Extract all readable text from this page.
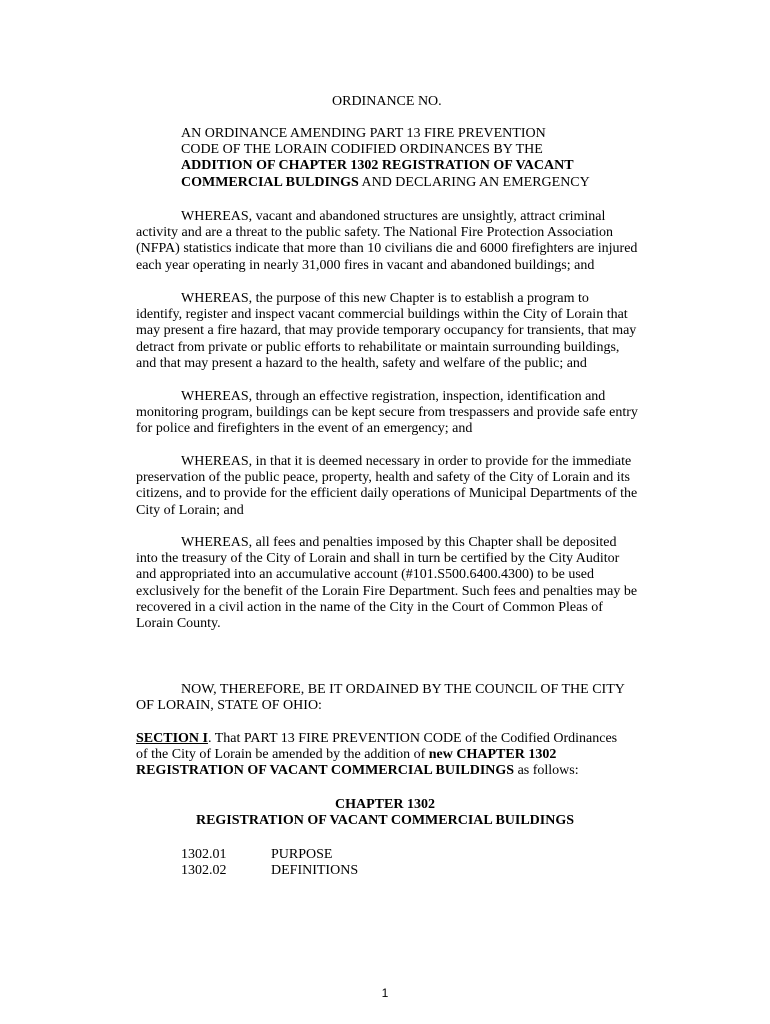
ORDINANCE NO.
AN ORDINANCE AMENDING PART 13 FIRE PREVENTION
CODE OF THE LORAIN CODIFIED ORDINANCES BY THE
ADDITION OF CHAPTER 1302 REGISTRATION OF VACANT
COMMERCIAL BULDINGS AND DECLARING AN EMERGENCY
WHEREAS, vacant and abandoned structures are unsightly, attract criminal
activity and are a threat to the public safety. The National Fire Protection Association
(NFPA) statistics indicate that more than 10 civilians die and 6000 firefighters are injured
each year operating in nearly 31,000 fires in vacant and abandoned buildings; and
WHEREAS, the purpose of this new Chapter is to establish a program to
identify, register and inspect vacant commercial buildings within the City of Lorain that
may present a fire hazard, that may provide temporary occupancy for transients, that may
detract from private or public efforts to rehabilitate or maintain surrounding buildings,
and that may present a hazard to the health, safety and welfare of the public; and
WHEREAS, through an effective registration, inspection, identification and
monitoring program, buildings can be kept secure from trespassers and provide safe entry
for police and firefighters in the event of an emergency; and
WHEREAS, in that it is deemed necessary in order to provide for the immediate
preservation of the public peace, property, health and safety of the City of Lorain and its
citizens, and to provide for the efficient daily operations of Municipal Departments of the
City of Lorain; and
WHEREAS, all fees and penalties imposed by this Chapter shall be deposited
into the treasury of the City of Lorain and shall in turn be certified by the City Auditor
and appropriated into an accumulative account (#101.S500.6400.4300) to be used
exclusively for the benefit of the Lorain Fire Department. Such fees and penalties may be
recovered in a civil action in the name of the City in the Court of Common Pleas of
Lorain County.
NOW, THEREFORE, BE IT ORDAINED BY THE COUNCIL OF THE CITY
OF LORAIN, STATE OF OHIO:
SECTION I. That PART 13 FIRE PREVENTION CODE of the Codified Ordinances
of the City of Lorain be amended by the addition of new CHAPTER 1302
REGISTRATION OF VACANT COMMERCIAL BUILDINGS as follows:
CHAPTER 1302
REGISTRATION OF VACANT COMMERCIAL BUILDINGS
1302.01	PURPOSE
1302.02	DEFINITIONS
1
